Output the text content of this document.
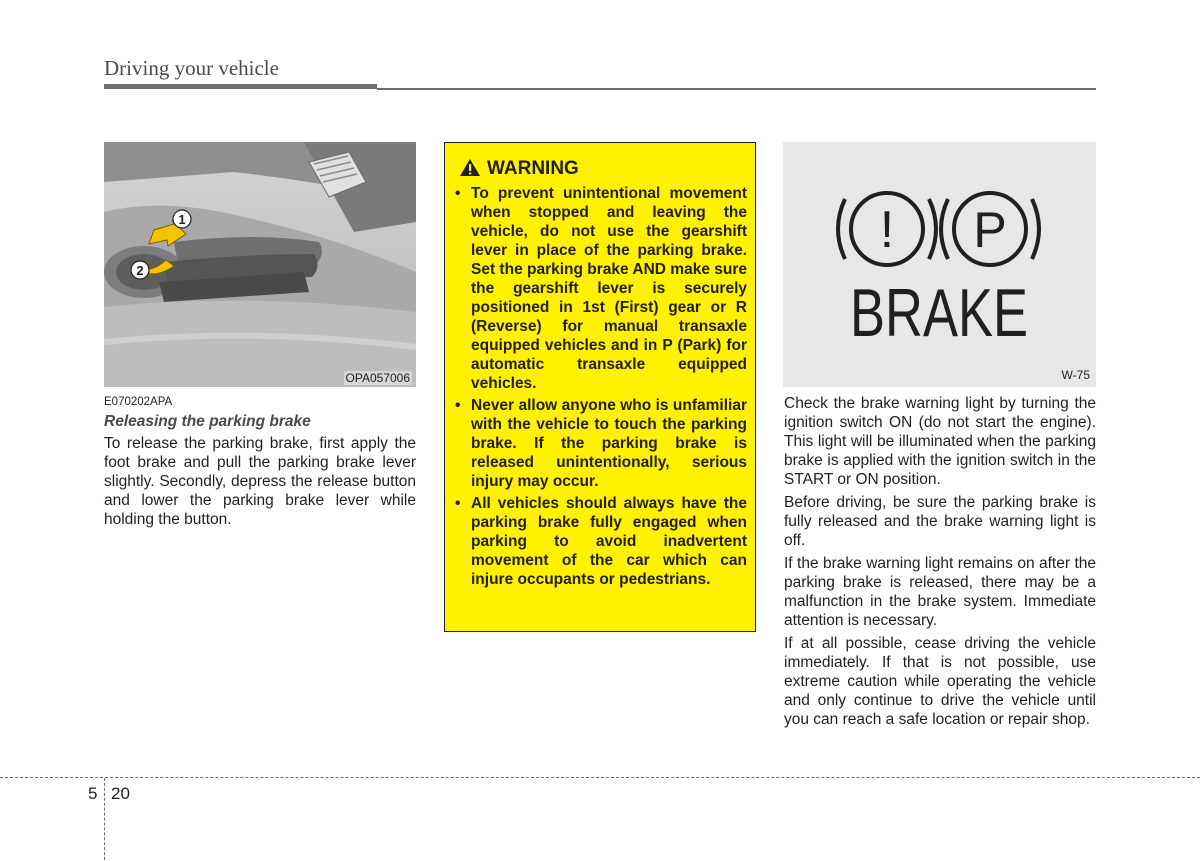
Driving your vehicle
1
2
OPA057006
E070202APA
Releasing the parking brake

To release the parking brake, first apply the foot brake and pull the parking brake lever slightly. Secondly, depress the release button and lower the parking brake lever while holding the button.

WARNING
• To prevent unintentional movement when stopped and leaving the vehicle, do not use the gearshift lever in place of the parking brake. Set the parking brake AND make sure the gearshift lever is securely positioned in 1st (First) gear or R (Reverse) for manual transaxle equipped vehicles and in P (Park) for automatic transaxle equipped vehicles.
• Never allow anyone who is unfamiliar with the vehicle to touch the parking brake. If the parking brake is released unintentionally, serious injury may occur.
• All vehicles should always have the parking brake fully engaged when parking to avoid inadvertent movement of the car which can injure occupants or pedestrians.
! P
BRAKE
W-75

Check the brake warning light by turning the ignition switch ON (do not start the engine). This light will be illuminated when the parking brake is applied with the ignition switch in the START or ON position.

Before driving, be sure the parking brake is fully released and the brake warning light is off.

If the brake warning light remains on after the parking brake is released, there may be a malfunction in the brake system. Immediate attention is necessary.

If at all possible, cease driving the vehicle immediately. If that is not possible, use extreme caution while operating the vehicle and only continue to drive the vehicle until you can reach a safe location or repair shop.

5 20
